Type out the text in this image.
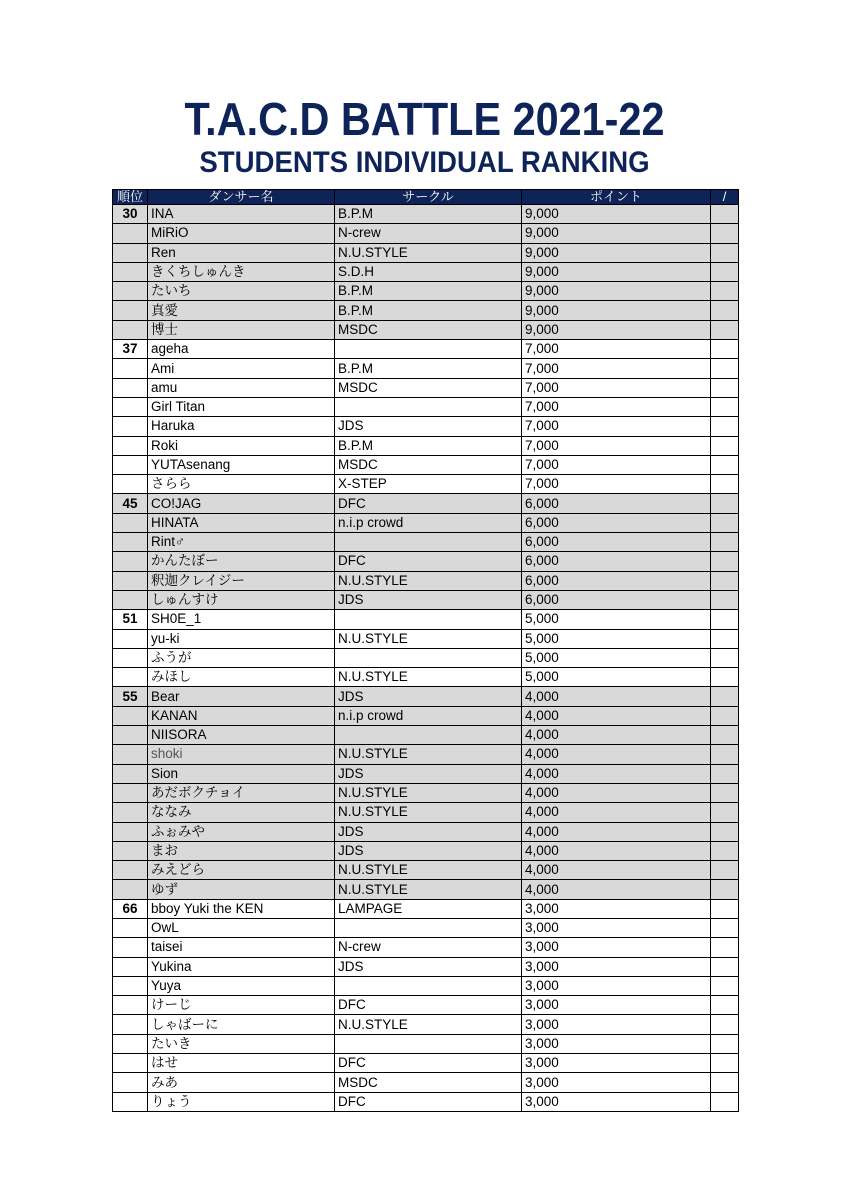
T.A.C.D BATTLE 2021-22
STUDENTS INDIVIDUAL RANKING
順位	ダンサー名	サークル	ポイント	/
30	INA	B.P.M	9,000	
	MiRiO	N-crew	9,000	
	Ren	N.U.STYLE	9,000	
	きくちしゅんき	S.D.H	9,000	
	たいち	B.P.M	9,000	
	真愛	B.P.M	9,000	
	博士	MSDC	9,000	
37	ageha		7,000	
	Ami	B.P.M	7,000	
	amu	MSDC	7,000	
	Girl Titan		7,000	
	Haruka	JDS	7,000	
	Roki	B.P.M	7,000	
	YUTAsenang	MSDC	7,000	
	さらら	X-STEP	7,000	
45	CO!JAG	DFC	6,000	
	HINATA	n.i.p crowd	6,000	
	Rint♂		6,000	
	かんたぼー	DFC	6,000	
	釈迦クレイジー	N.U.STYLE	6,000	
	しゅんすけ	JDS	6,000	
51	SH0E_1		5,000	
	yu-ki	N.U.STYLE	5,000	
	ふうが		5,000	
	みほし	N.U.STYLE	5,000	
55	Bear	JDS	4,000	
	KANAN	n.i.p crowd	4,000	
	NIISORA		4,000	
	shoki	N.U.STYLE	4,000	
	Sion	JDS	4,000	
	あだボクチョイ	N.U.STYLE	4,000	
	ななみ	N.U.STYLE	4,000	
	ふぉみや	JDS	4,000	
	まお	JDS	4,000	
	みえどら	N.U.STYLE	4,000	
	ゆず	N.U.STYLE	4,000	
66	bboy Yuki the KEN	LAMPAGE	3,000	
	OwL		3,000	
	taisei	N-crew	3,000	
	Yukina	JDS	3,000	
	Yuya		3,000	
	けーじ	DFC	3,000	
	しゃばーに	N.U.STYLE	3,000	
	たいき		3,000	
	はせ	DFC	3,000	
	みあ	MSDC	3,000	
	りょう	DFC	3,000	
